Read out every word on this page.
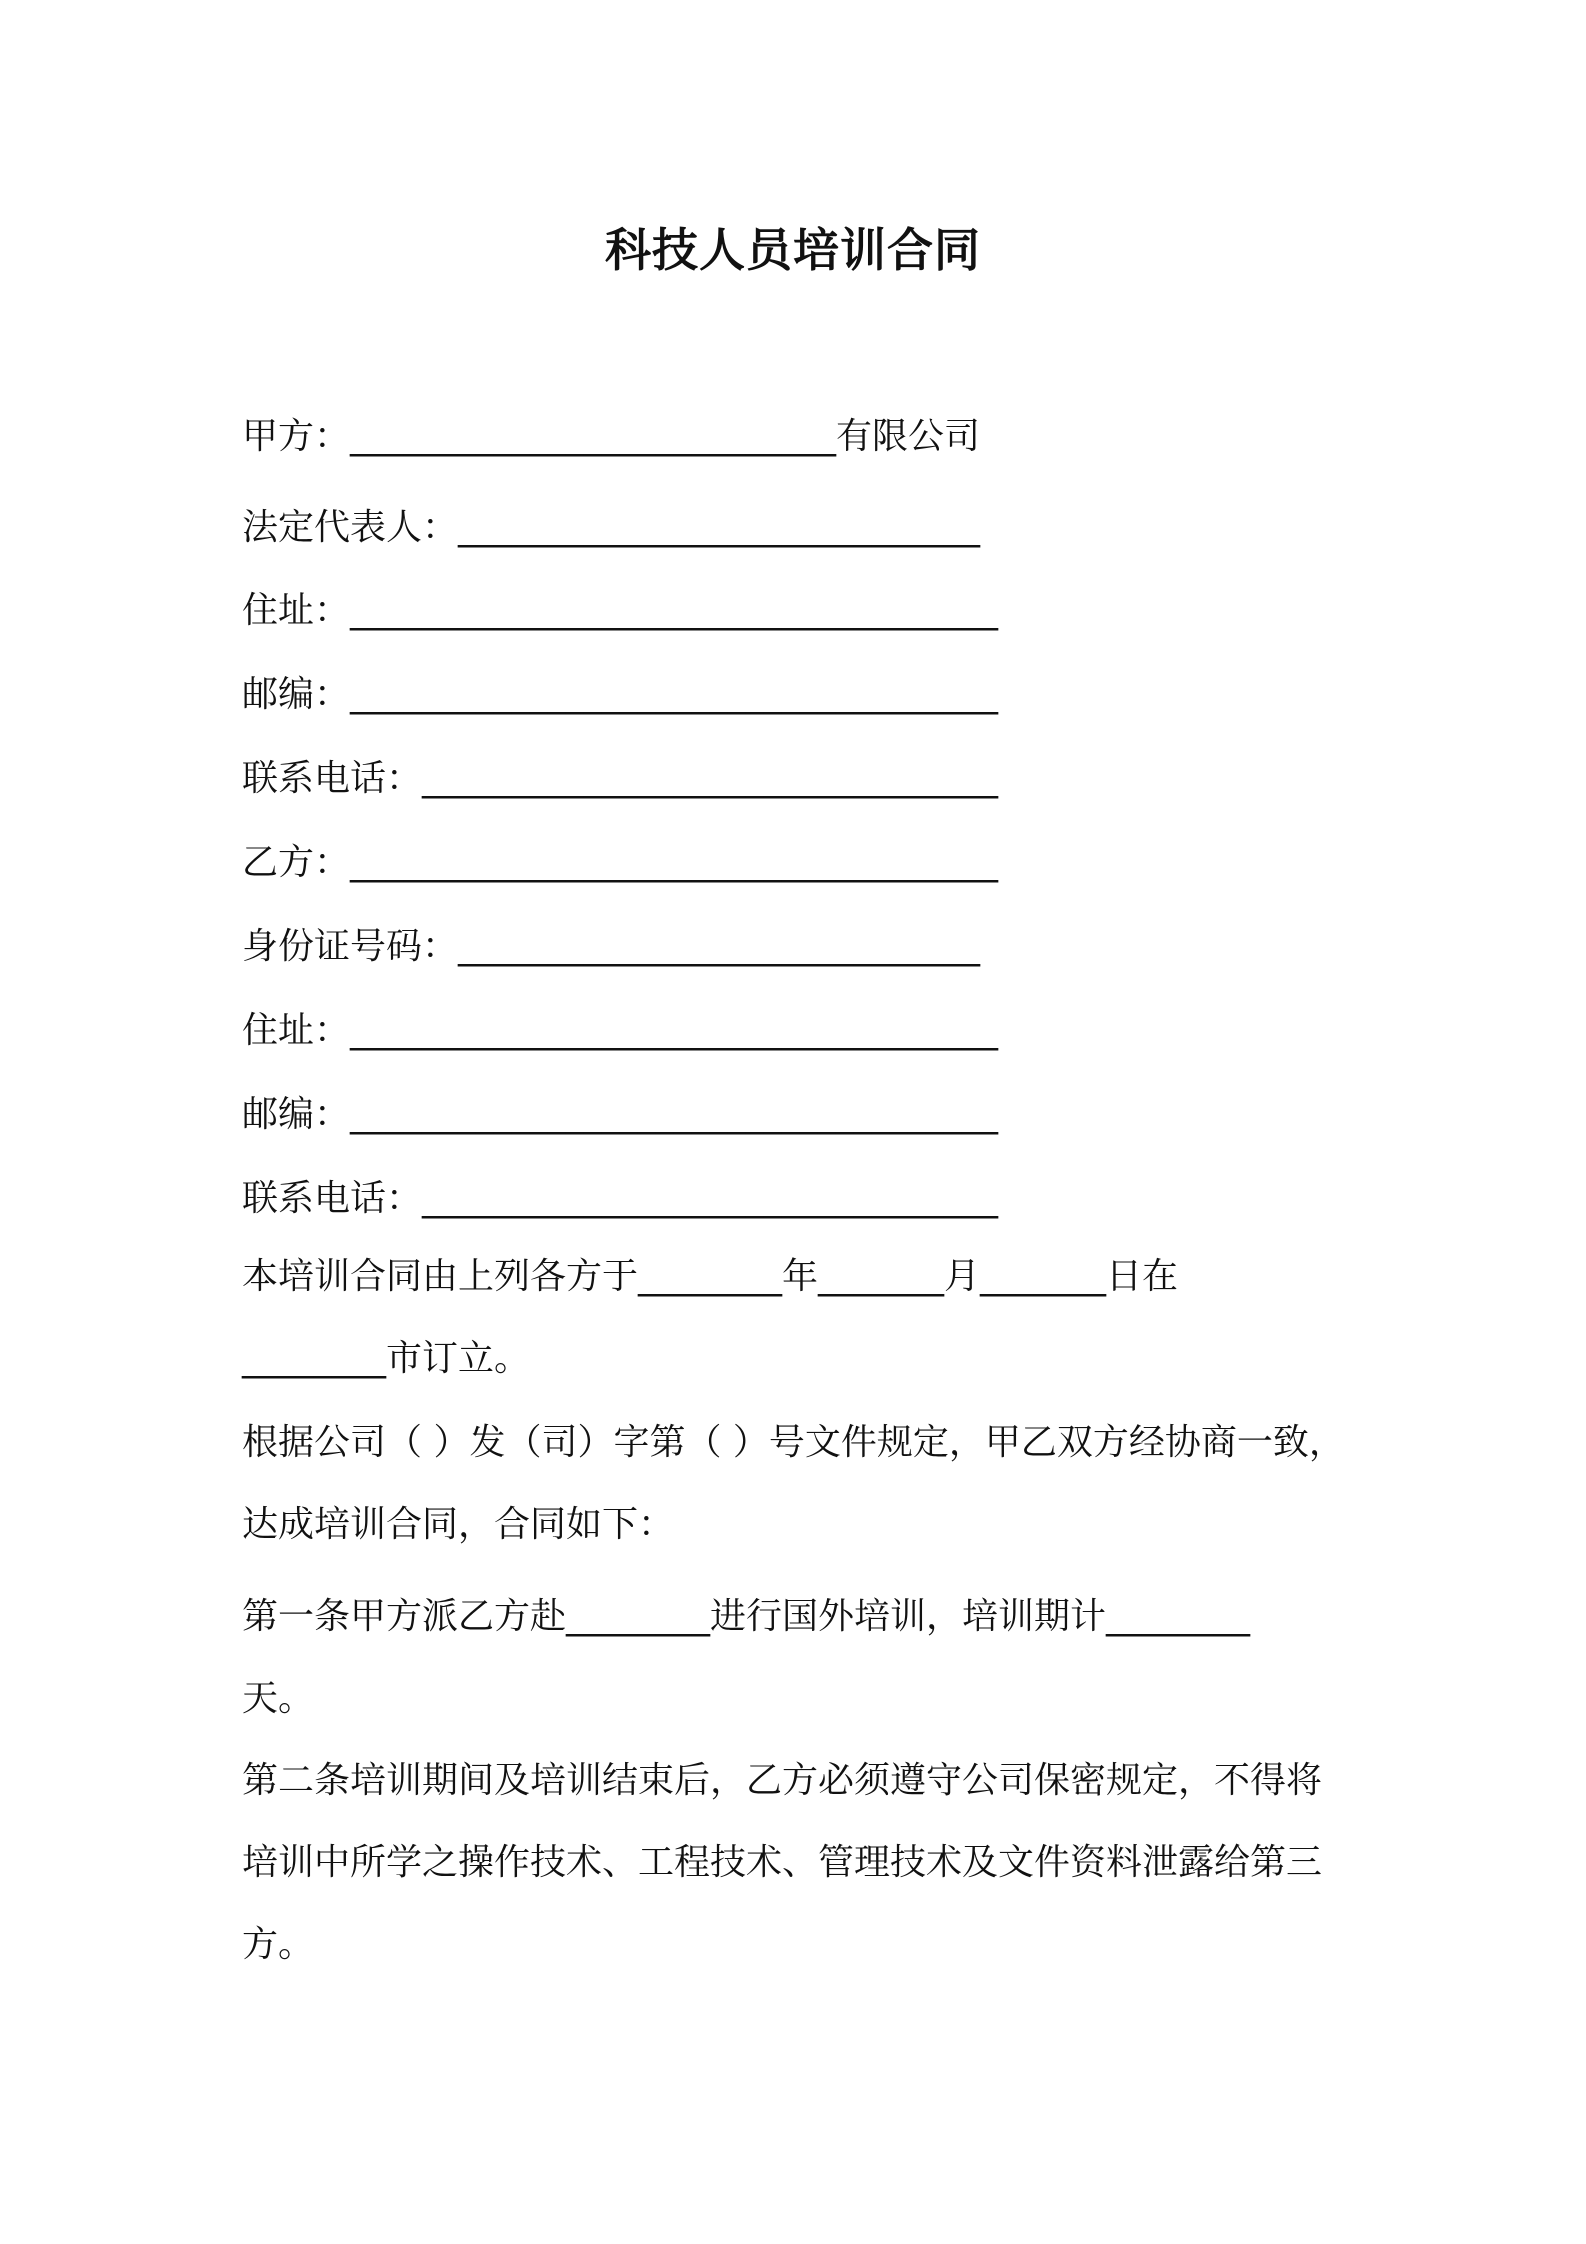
科技人员培训合同
甲方：___________________________有限公司
法定代表人：_____________________________
住址：____________________________________
邮编：____________________________________
联系电话：________________________________
乙方：____________________________________
身份证号码：_____________________________
住址：____________________________________
邮编：____________________________________
联系电话：________________________________
本培训合同由上列各方于________年_______月_______日在
________市订立。
根据公司（ ）发（司）字第（ ）号文件规定，甲乙双方经协商一致，
达成培训合同，合同如下：
第一条甲方派乙方赴________进行国外培训，培训期计________
天。
第二条培训期间及培训结束后，乙方必须遵守公司保密规定，不得将
培训中所学之操作技术、工程技术、管理技术及文件资料泄露给第三
方。
